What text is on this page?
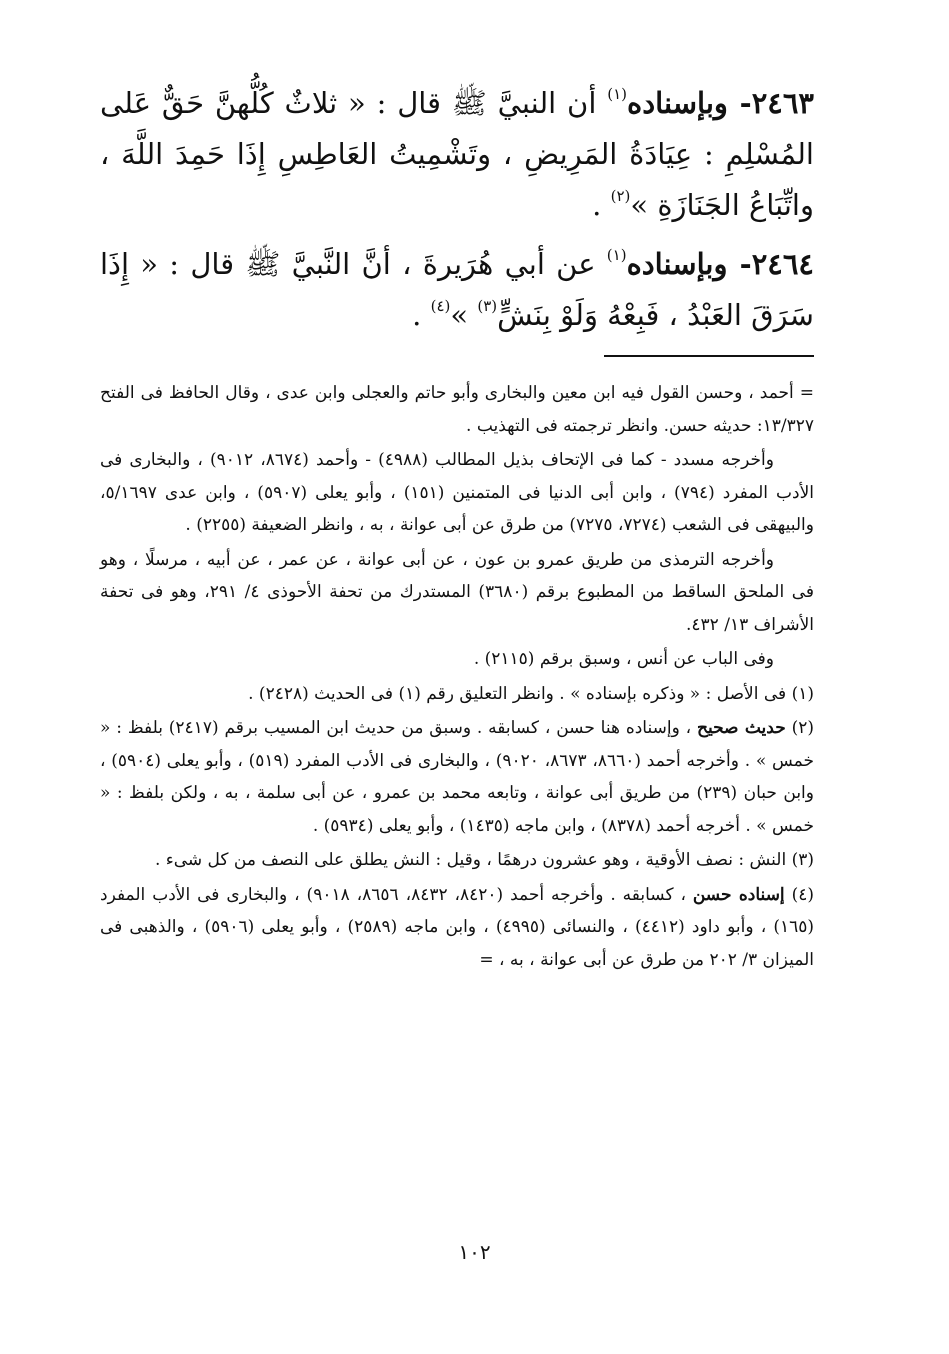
٢٤٦٣- وبإسناده$^{(١)}$ أن النبيَّ ﷺ قال : « ثلاثٌ كُلُّهنَّ حَقٌّ عَلى المُسْلِمِ : عِيَادَةُ المَرِيضِ ، وتَشْمِيتُ العَاطِسِ إِذَا حَمِدَ اللَّهَ ، واتِّبَاعُ الجَنَازَةِ »$^{(٢)}$ .
٢٤٦٤- وبإسناده$^{(١)}$ عن أبي هُرَيرةَ ، أنَّ النَّبيَّ ﷺ قال : « إِذَا سَرَقَ العَبْدُ ، فَبِعْهُ وَلَوْ بِنَشٍّ$^{(٣)}$ »$^{(٤)}$ .

= أحمد ، وحسن القول فيه ابن معين والبخارى وأبو حاتم والعجلى وابن عدى ، وقال الحافظ فى الفتح ١٣/٣٢٧: حديثه حسن. وانظر ترجمته فى التهذيب .

وأخرجه مسدد - كما فى الإتحاف بذيل المطالب (٤٩٨٨) - وأحمد (٨٦٧٤، ٩٠١٢) ، والبخارى فى الأدب المفرد (٧٩٤) ، وابن أبى الدنيا فى المتمنين (١٥١) ، وأبو يعلى (٥٩٠٧) ، وابن عدى ٥/١٦٩٧، والبيهقى فى الشعب (٧٢٧٤، ٧٢٧٥) من طرق عن أبى عوانة ، به ، وانظر الضعيفة (٢٢٥٥) .

وأخرجه الترمذى من طريق عمرو بن عون ، عن أبى عوانة ، عن عمر ، عن أبيه ، مرسلًا ، وهو فى الملحق الساقط من المطبوع برقم (٣٦٨٠) المستدرك من تحفة الأحوذى ٤/ ٢٩١، وهو فى تحفة الأشراف ١٣/ ٤٣٢.

وفى الباب عن أنس ، وسبق برقم (٢١١٥) .

(١) فى الأصل : « وذكره بإسناده » . وانظر التعليق رقم (١) فى الحديث (٢٤٢٨) .

(٢) حديث صحيح ، وإسناده هنا حسن ، كسابقه . وسبق من حديث ابن المسيب برقم (٢٤١٧) بلفظ : « خمس » . وأخرجه أحمد (٨٦٦٠، ٨٦٧٣، ٩٠٢٠) ، والبخارى فى الأدب المفرد (٥١٩) ، وأبو يعلى (٥٩٠٤) ، وابن حبان (٢٣٩) من طريق أبى عوانة ، وتابعه محمد بن عمرو ، عن أبى سلمة ، به ، ولكن بلفظ : « خمس » . أخرجه أحمد (٨٣٧٨) ، وابن ماجه (١٤٣٥) ، وأبو يعلى (٥٩٣٤) .

(٣) النش : نصف الأوقية ، وهو عشرون درهمًا ، وقيل : النش يطلق على النصف من كل شىء .

(٤) إسناده حسن ، كسابقه . وأخرجه أحمد (٨٤٢٠، ٨٤٣٢، ٨٦٥٦، ٩٠١٨) ، والبخارى فى الأدب المفرد (١٦٥) ، وأبو داود (٤٤١٢) ، والنسائى (٤٩٩٥) ، وابن ماجه (٢٥٨٩) ، وأبو يعلى (٥٩٠٦) ، والذهبى فى الميزان ٣/ ٢٠٢ من طرق عن أبى عوانة ، به ، =

١٠٢
